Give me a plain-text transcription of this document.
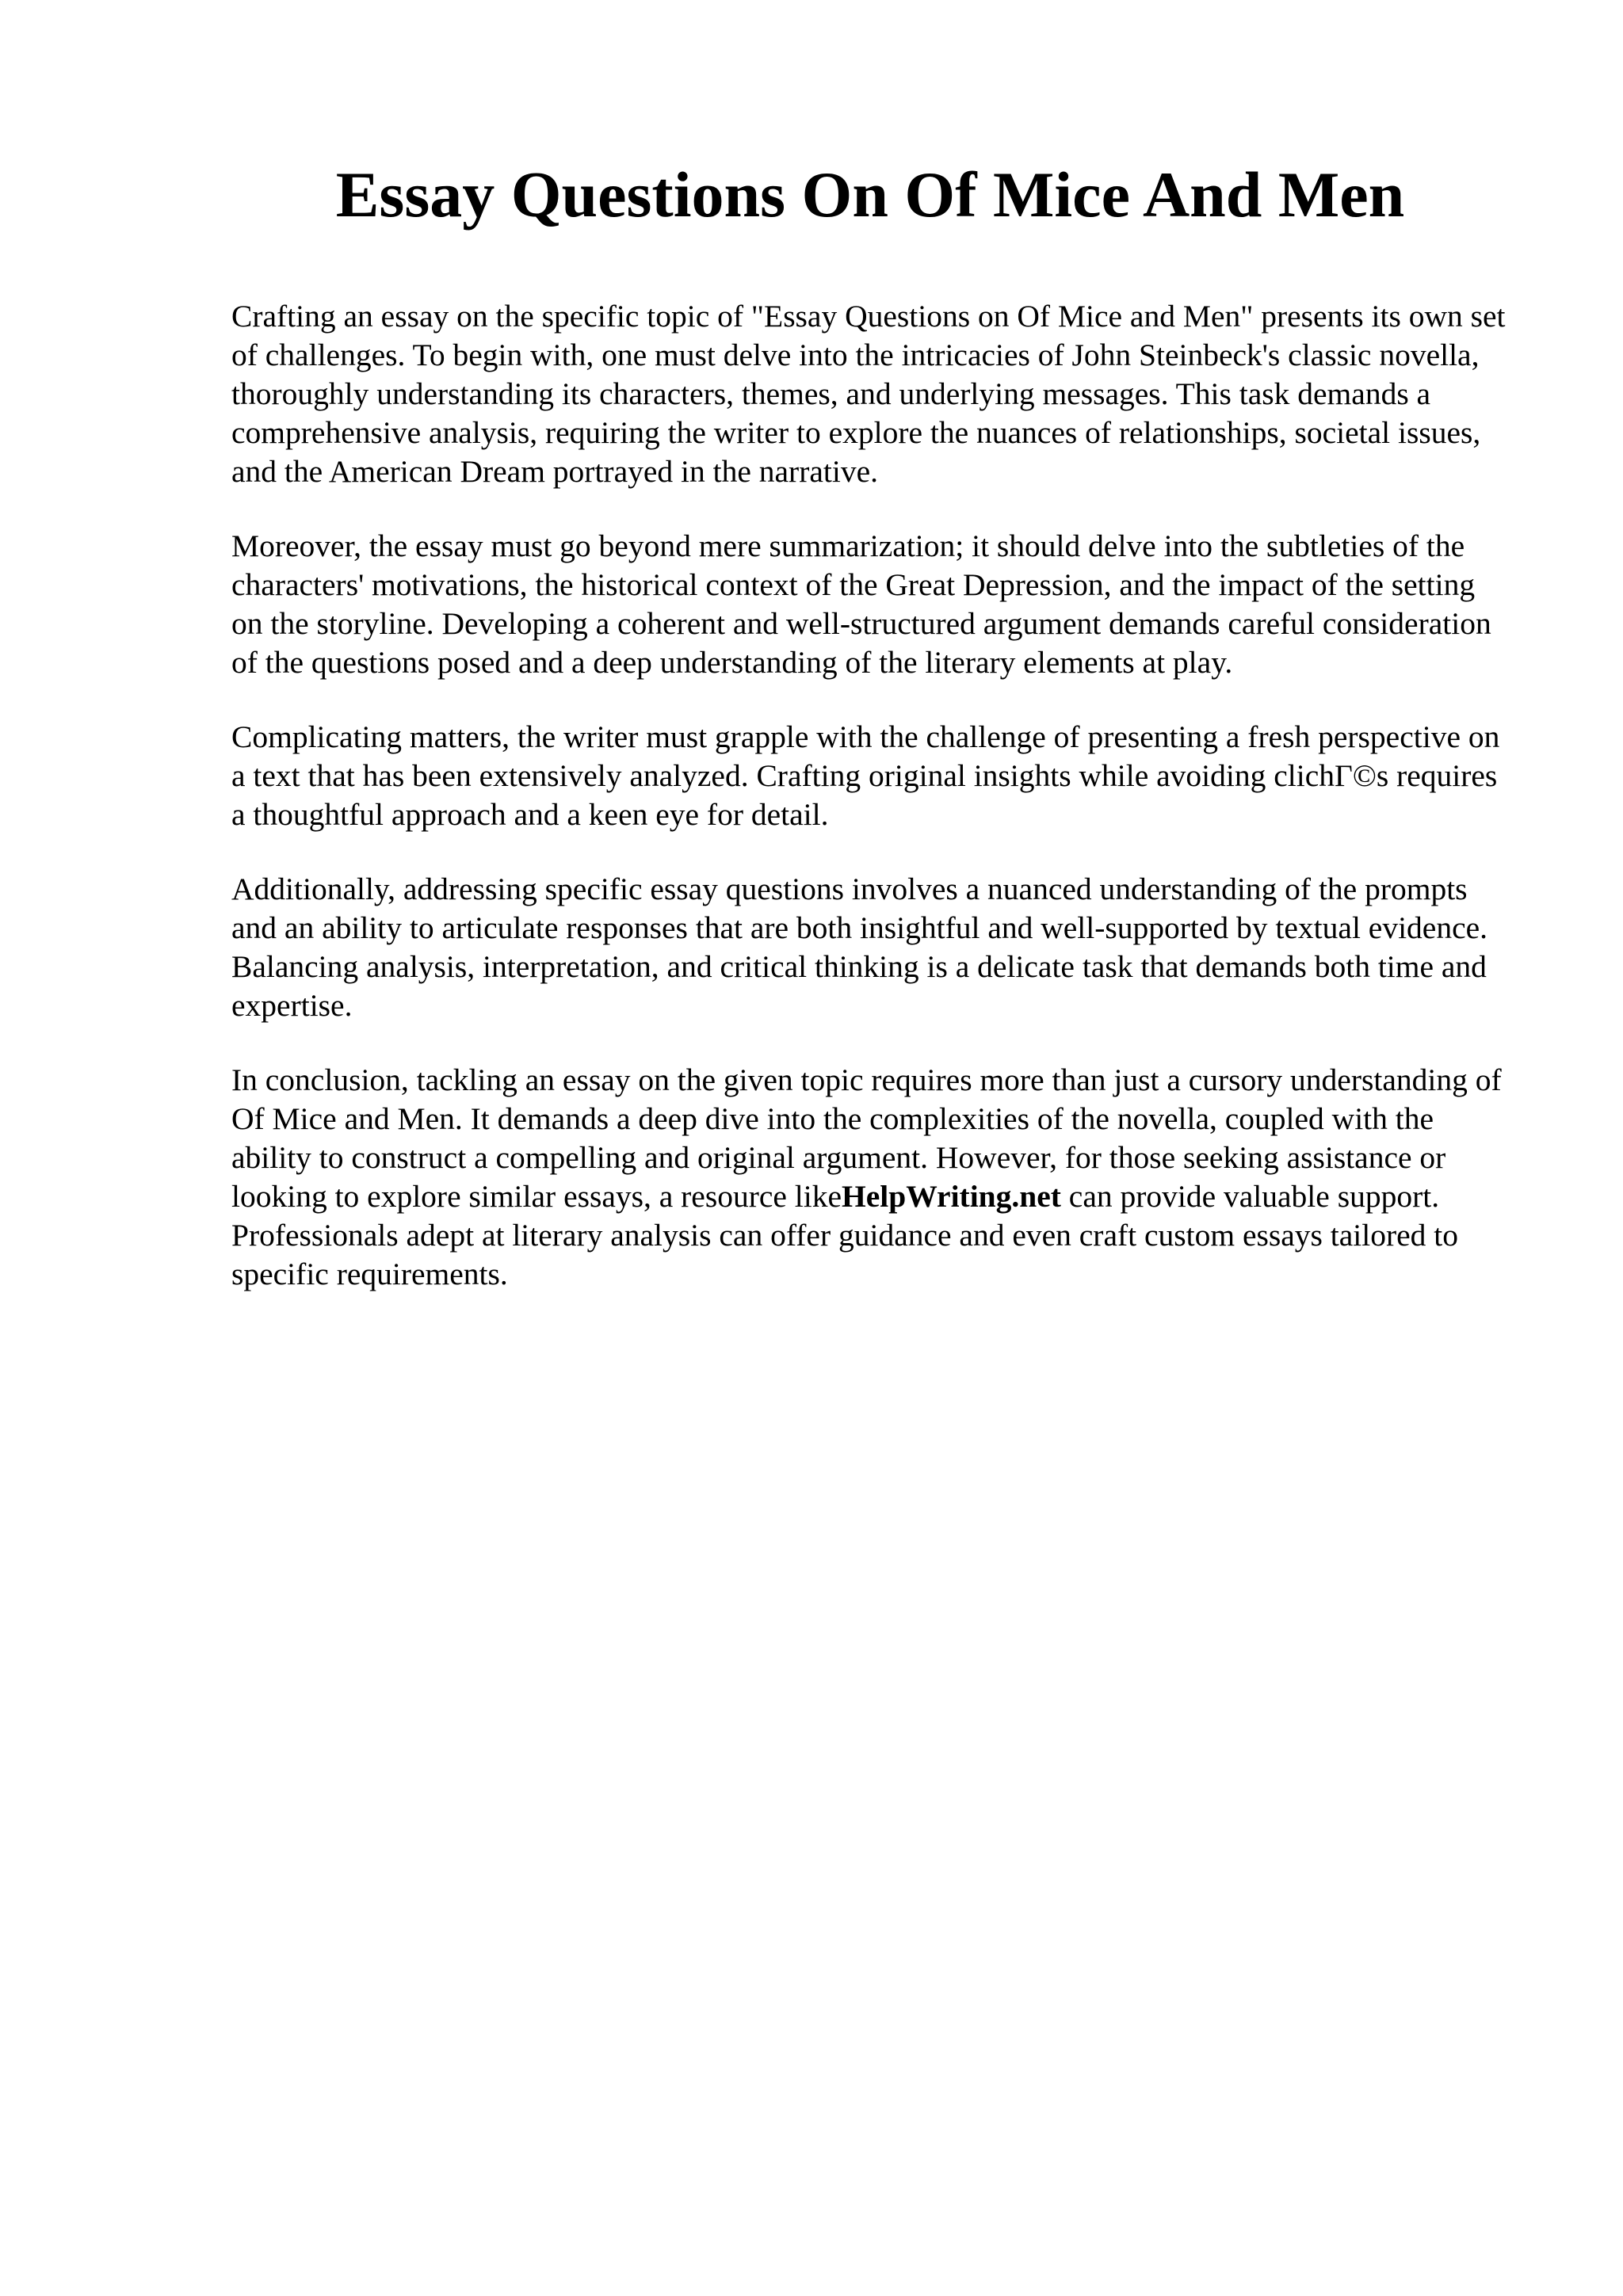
Essay Questions On Of Mice And Men

Crafting an essay on the specific topic of "Essay Questions on Of Mice and Men" presents its own set of challenges. To begin with, one must delve into the intricacies of John Steinbeck's classic novella, thoroughly understanding its characters, themes, and underlying messages. This task demands a comprehensive analysis, requiring the writer to explore the nuances of relationships, societal issues, and the American Dream portrayed in the narrative.

Moreover, the essay must go beyond mere summarization; it should delve into the subtleties of the characters' motivations, the historical context of the Great Depression, and the impact of the setting on the storyline. Developing a coherent and well-structured argument demands careful consideration of the questions posed and a deep understanding of the literary elements at play.

Complicating matters, the writer must grapple with the challenge of presenting a fresh perspective on a text that has been extensively analyzed. Crafting original insights while avoiding clichΓ©s requires a thoughtful approach and a keen eye for detail.

Additionally, addressing specific essay questions involves a nuanced understanding of the prompts and an ability to articulate responses that are both insightful and well-supported by textual evidence. Balancing analysis, interpretation, and critical thinking is a delicate task that demands both time and expertise.

In conclusion, tackling an essay on the given topic requires more than just a cursory understanding of Of Mice and Men. It demands a deep dive into the complexities of the novella, coupled with the ability to construct a compelling and original argument. However, for those seeking assistance or looking to explore similar essays, a resource likeHelpWriting.net can provide valuable support. Professionals adept at literary analysis can offer guidance and even craft custom essays tailored to specific requirements.
